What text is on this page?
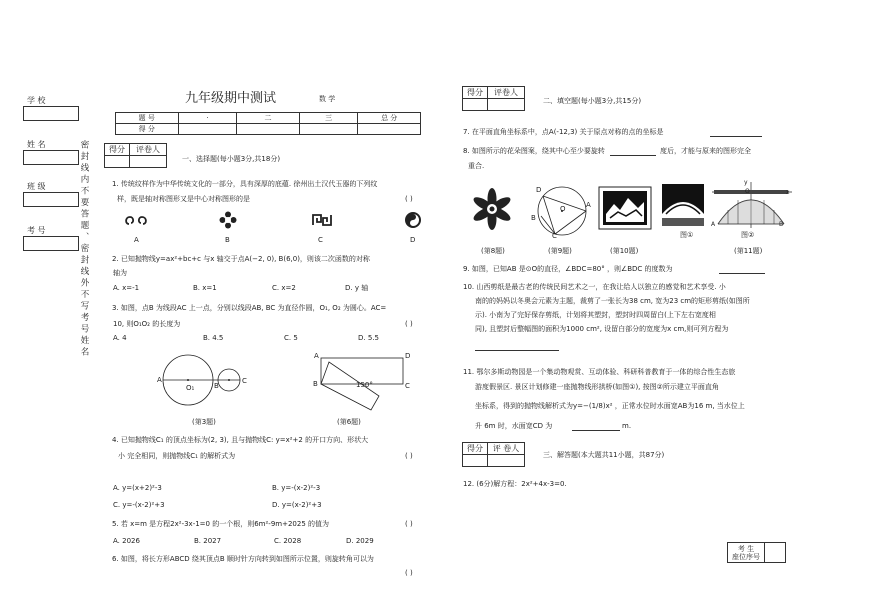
学 校
姓 名
班 级
考 号	密封线内不要答题、密封线外不写考号姓名
九年级期中测试	数 学
题 号	·	二	三	总 分
得 分				
得分	评卷人

一、选择题(每小题3分,共18分)
1. 传统纹样作为中华传统文化的一部分，具有深厚的底蕴. 徐州出土汉代玉器的下列纹
样，既是轴对称图形又是中心对称图形的是	( )
A	B	C	D
2. 已知抛物线y=ax²+bc+c 与x 轴交于点A(−2, 0), B(6,0)，则该二次函数的对称
轴为
A. x=-1	B. x=1	C. x=2	D. y 轴
3. 如图，点B 为线段AC 上一点，分别以线段AB, BC 为直径作圆，O₁, O₂ 为圆心。AC=
10, 则O₁O₂ 的长度为	( )
A. 4	B. 4.5	C. 5	D. 5.5
A
O₁	B
C
(第3题)
A
B	C
D
150°
(第6题)
4. 已知抛物线C₁ 的顶点坐标为(2, 3), 且与抛物线C: y=x²+2 的开口方向、形状大
小 完全相同，则抛物线C₁ 的解析式为	( )
A. y=(x+2)²-3	B. y=-(x-2)²-3
C. y=-(x-2)²+3	D. y=(x-2)²+3
5. 若 x=m 是方程2x²-3x-1=0 的一个根，则6m²-9m+2025 的值为	( )
A. 2026	B. 2027	C. 2028	D. 2029
6. 如图，将长方形ABCD 绕其顶点B 顺时针方向转到如图所示位置，则旋转角可以为
( )
得分	评卷人

二、填空题(每小题3分,共15分)
7. 在平面直角坐标系中，点A(-12,3) 关于原点对称的点的坐标是
8. 如图所示的花朵图案，绕其中心至少要旋转	度后，才能与原来的图形完全
重合.
D
O	A
B
C
y
A	B
O	x
(第8题)	(第9题)	(第10题)
图①	图②
(第11题)
9. 如图，已知AB 是⊙O的直径，∠BDC=80° ，则∠BDC 的度数为
10. 山西剪纸是最古老的传统民间艺术之一，在我让给人以独立的感觉和艺术享受. 小
南的的妈妈以冬奥会元素为主题，裁剪了一张长为38 cm, 宽为23 cm的矩形剪纸(如图所
示). 小南为了完好保存剪纸，计划将其塑封，塑封时四周留白(上下左右宽度相
同), 且塑封后整幅图的面积为1000 cm², 设留白部分的宽度为x cm,则可列方程为
11. 鄂尔多斯动物园是一个集动物观赏、互动体验、科研科普教育于一体的综合性生态旅
游度假景区. 景区计划修建一座抛物线形拱桥(如图①), 按图②所示建立平面直角
坐标系，得到的抛物线解析式为y=−(1/8)x² ，正常水位时水面宽AB为16 m, 当水位上
升 6m 时，水面宽CD 为	m.
得分	评 卷人

三、解答题(本大题共11小题，共87分)
12. (6分)解方程：2x²+4x-3=0.
考 生
座位序号
